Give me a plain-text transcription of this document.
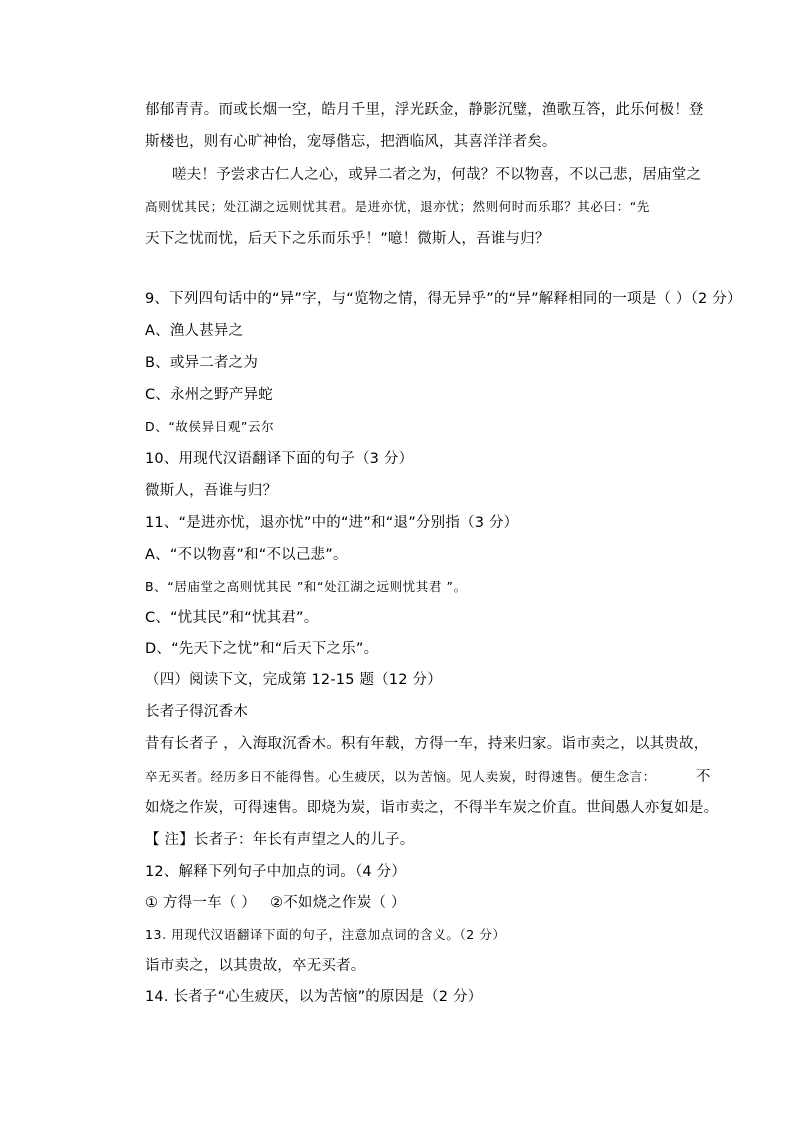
郁郁青青。而或长烟一空，皓月千里，浮光跃金，静影沉璧，渔歌互答，此乐何极！登
斯楼也，则有心旷神怡，宠辱偕忘，把酒临风，其喜洋洋者矣。
嗟夫！予尝求古仁人之心，或异二者之为，何哉？不以物喜，不以己悲，居庙堂之
高则忧其民；处江湖之远则忧其君。是进亦忧，退亦忧；然则何时而乐耶？其必曰：“先
天下之忧而忧，后天下之乐而乐乎！”噫！微斯人，吾谁与归？
9、下列四句话中的“异”字，与“览物之情，得无异乎”的“异”解释相同的一项是（ ）（2 分）
A、渔人甚异之
B、或异二者之为
C、永州之野产异蛇
D、“故侯异日观”云尔
10、用现代汉语翻译下面的句子（3 分）
微斯人，吾谁与归？
11、“是进亦忧，退亦忧”中的“进”和“退”分别指（3 分）
A、“不以物喜”和“不以己悲”。
B、“居庙堂之高则忧其民 ”和“处江湖之远则忧其君 ”。
C、“忧其民”和“忧其君”。
D、“先天下之忧”和“后天下之乐”。
（四）阅读下文，完成第 12-15 题（12 分）
长者子得沉香木
昔有长者子 ，入海取沉香木。积有年载，方得一车，持来归家。诣市卖之，以其贵故，
卒无买者。经历多日不能得售。心生疲厌，以为苦恼。见人卖炭，时得速售。便生念言：	不
如烧之作炭，可得速售。即烧为炭，诣市卖之，不得半车炭之价直。世间愚人亦复如是。
【 注】长者子：年长有声望之人的儿子。
12、解释下列句子中加点的词。（4 分）
① 方得一车（ ） ②不如烧之作炭（ ）
13. 用现代汉语翻译下面的句子，注意加点词的含义。（2 分）
诣市卖之，以其贵故，卒无买者。
14. 长者子“心生疲厌，以为苦恼”的原因是（2 分）
